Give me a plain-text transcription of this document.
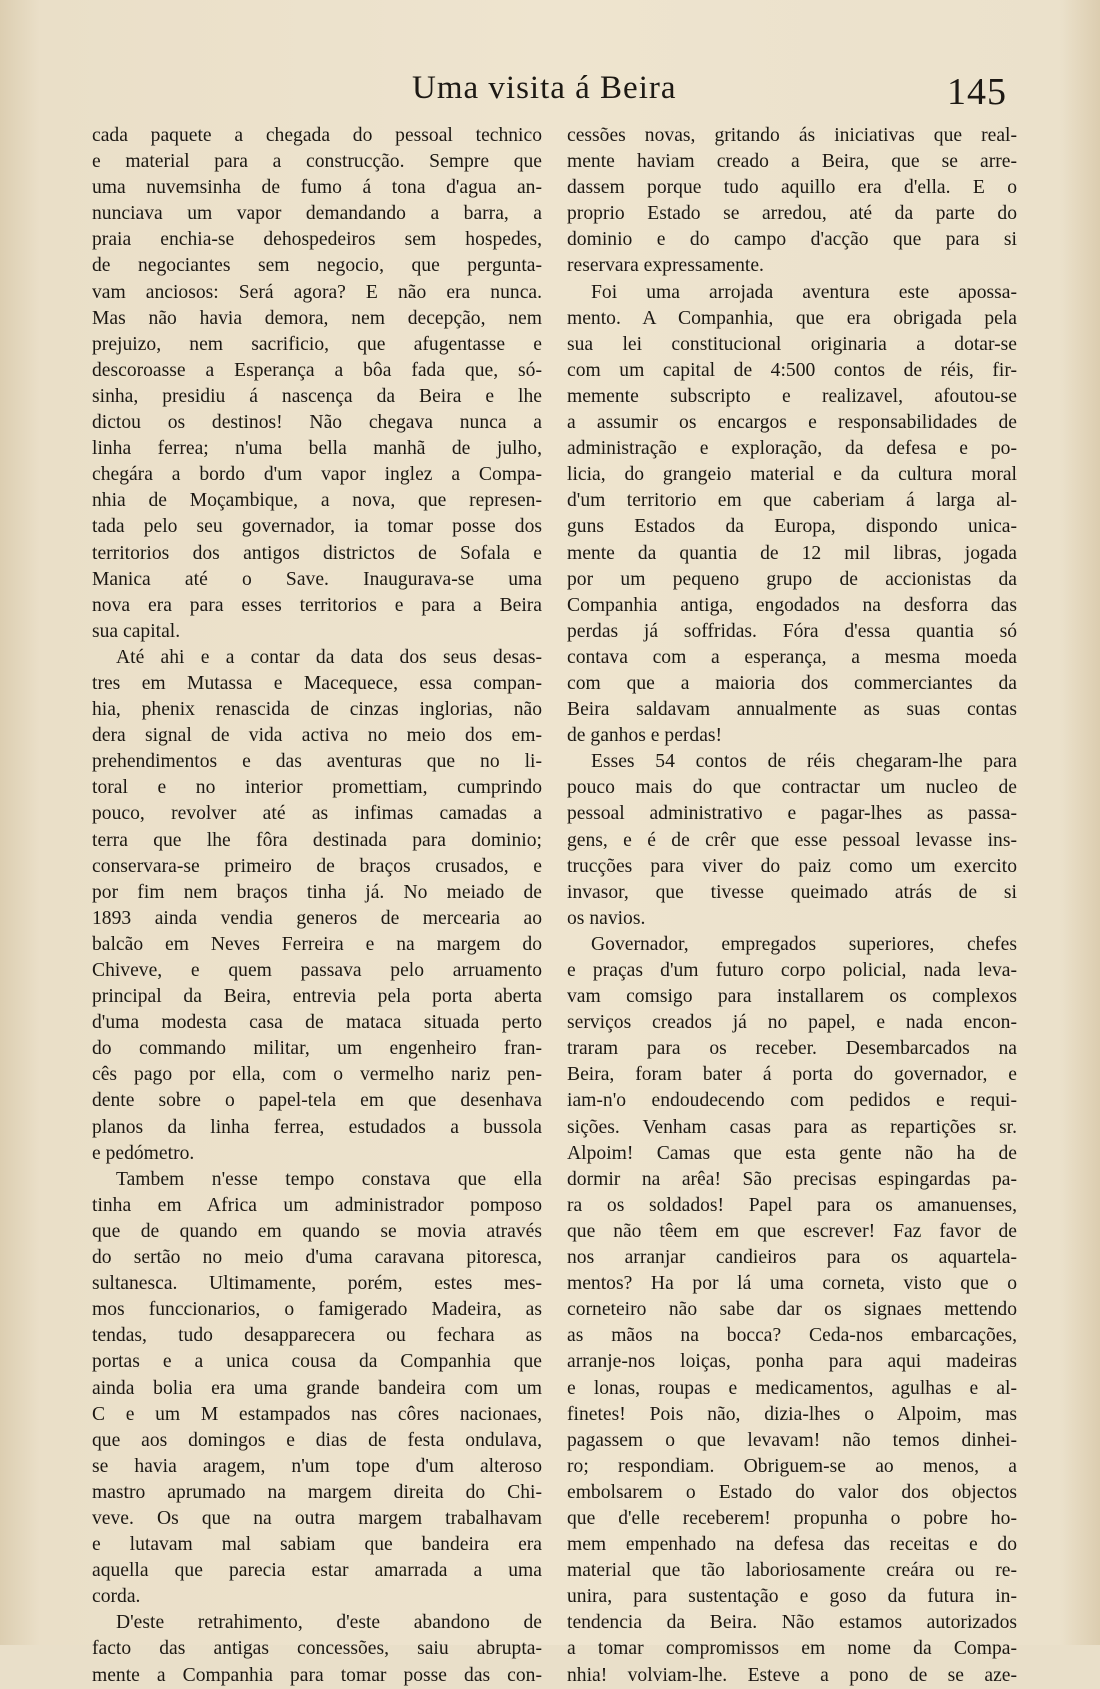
Uma visita á Beira	145
cada paquete a chegada do pessoal technico
e material para a construcção. Sempre que
uma nuvemsinha de fumo á tona d'agua an-
nunciava um vapor demandando a barra, a
praia enchia-se dehospedeiros sem hospedes,
de negociantes sem negocio, que pergunta-
vam anciosos: Será agora? E não era nunca.
Mas não havia demora, nem decepção, nem
prejuizo, nem sacrificio, que afugentasse e
descoroasse a Esperança a bôa fada que, só-
sinha, presidiu á nascença da Beira e lhe
dictou os destinos! Não chegava nunca a
linha ferrea; n'uma bella manhã de julho,
chegára a bordo d'um vapor inglez a Compa-
nhia de Moçambique, a nova, que represen-
tada pelo seu governador, ia tomar posse dos
territorios dos antigos districtos de Sofala e
Manica até o Save. Inaugurava-se uma
nova era para esses territorios e para a Beira
sua capital.
Até ahi e a contar da data dos seus desas-
tres em Mutassa e Macequece, essa compan-
hia, phenix renascida de cinzas inglorias, não
dera signal de vida activa no meio dos em-
prehendimentos e das aventuras que no li-
toral e no interior promettiam, cumprindo
pouco, revolver até as infimas camadas a
terra que lhe fôra destinada para dominio;
conservara-se primeiro de braços crusados, e
por fim nem braços tinha já. No meiado de
1893 ainda vendia generos de mercearia ao
balcão em Neves Ferreira e na margem do
Chiveve, e quem passava pelo arruamento
principal da Beira, entrevia pela porta aberta
d'uma modesta casa de mataca situada perto
do commando militar, um engenheiro fran-
cês pago por ella, com o vermelho nariz pen-
dente sobre o papel-tela em que desenhava
planos da linha ferrea, estudados a bussola
e pedómetro.
Tambem n'esse tempo constava que ella
tinha em Africa um administrador pomposo
que de quando em quando se movia através
do sertão no meio d'uma caravana pitoresca,
sultanesca. Ultimamente, porém, estes mes-
mos funccionarios, o famigerado Madeira, as
tendas, tudo desapparecera ou fechara as
portas e a unica cousa da Companhia que
ainda bolia era uma grande bandeira com um
C e um M estampados nas côres nacionaes,
que aos domingos e dias de festa ondulava,
se havia aragem, n'um tope d'um alteroso
mastro aprumado na margem direita do Chi-
veve. Os que na outra margem trabalhavam
e lutavam mal sabiam que bandeira era
aquella que parecia estar amarrada a uma
corda.
D'este retrahimento, d'este abandono de
facto das antigas concessões, saiu abrupta-
mente a Companhia para tomar posse das con-
cessões novas, gritando ás iniciativas que real-
mente haviam creado a Beira, que se arre-
dassem porque tudo aquillo era d'ella. E o
proprio Estado se arredou, até da parte do
dominio e do campo d'acção que para si
reservara expressamente.
Foi uma arrojada aventura este apossa-
mento. A Companhia, que era obrigada pela
sua lei constitucional originaria a dotar-se
com um capital de 4:500 contos de réis, fir-
memente subscripto e realizavel, afoutou-se
a assumir os encargos e responsabilidades de
administração e exploração, da defesa e po-
licia, do grangeio material e da cultura moral
d'um territorio em que caberiam á larga al-
guns Estados da Europa, dispondo unica-
mente da quantia de 12 mil libras, jogada
por um pequeno grupo de accionistas da
Companhia antiga, engodados na desforra das
perdas já soffridas. Fóra d'essa quantia só
contava com a esperança, a mesma moeda
com que a maioria dos commerciantes da
Beira saldavam annualmente as suas contas
de ganhos e perdas!
Esses 54 contos de réis chegaram-lhe para
pouco mais do que contractar um nucleo de
pessoal administrativo e pagar-lhes as passa-
gens, e é de crêr que esse pessoal levasse ins-
trucções para viver do paiz como um exercito
invasor, que tivesse queimado atrás de si
os navios.
Governador, empregados superiores, chefes
e praças d'um futuro corpo policial, nada leva-
vam comsigo para installarem os complexos
serviços creados já no papel, e nada encon-
traram para os receber. Desembarcados na
Beira, foram bater á porta do governador, e
iam-n'o endoudecendo com pedidos e requi-
sições. Venham casas para as repartições sr.
Alpoim! Camas que esta gente não ha de
dormir na arêa! São precisas espingardas pa-
ra os soldados! Papel para os amanuenses,
que não têem em que escrever! Faz favor de
nos arranjar candieiros para os aquartela-
mentos? Ha por lá uma corneta, visto que o
corneteiro não sabe dar os signaes mettendo
as mãos na bocca? Ceda-nos embarcações,
arranje-nos loiças, ponha para aqui madeiras
e lonas, roupas e medicamentos, agulhas e al-
finetes! Pois não, dizia-lhes o Alpoim, mas
pagassem o que levavam! não temos dinhei-
ro; respondiam. Obriguem-se ao menos, a
embolsarem o Estado do valor dos objectos
que d'elle receberem! propunha o pobre ho-
mem empenhado na defesa das receitas e do
material que tão laboriosamente creára ou re-
unira, para sustentação e goso da futura in-
tendencia da Beira. Não estamos autorizados
a tomar compromissos em nome da Compa-
nhia! volviam-lhe. Esteve a pono de se aze-
